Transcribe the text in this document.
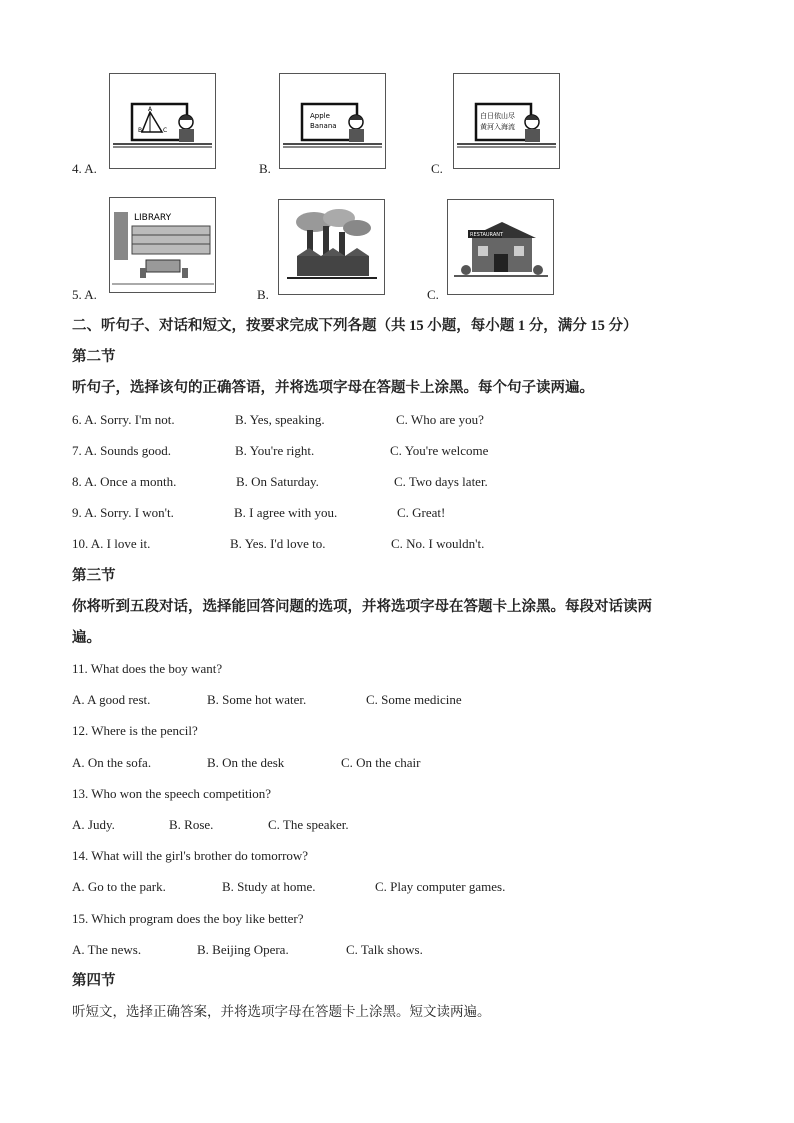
A
B	C
4. A.
Apple
Banana
B.
白日依山尽
黄河入海流
C.
LIBRARY
5. A.	B.
RESTAURANT
C.
二、听句子、对话和短文，按要求完成下列各题（共 15 小题，每小题 1 分，满分 15 分）
第二节
听句子，选择该句的正确答语，并将选项字母在答题卡上涂黑。每个句子读两遍。
6. A. Sorry. I'm not.	B. Yes, speaking.	C. Who are you?
7. A. Sounds good.	B. You're right.	C. You're welcome
8. A. Once a month.	B. On Saturday.	C. Two days later.
9. A. Sorry. I won't.	B. I agree with you.	C. Great!
10. A. I love it.	B. Yes. I'd love to.	C. No. I wouldn't.
第三节
你将听到五段对话，选择能回答问题的选项，并将选项字母在答题卡上涂黑。每段对话读两
遍。
11. What does the boy want?
A. A good rest.	B. Some hot water.	C. Some medicine
12. Where is the pencil?
A. On the sofa.	B. On the desk	C. On the chair
13. Who won the speech competition?
A. Judy.	B. Rose.	C. The speaker.
14. What will the girl's brother do tomorrow?
A. Go to the park.	B. Study at home.	C. Play computer games.
15. Which program does the boy like better?
A. The news.	B. Beijing Opera.	C. Talk shows.
第四节
听短文，选择正确答案，并将选项字母在答题卡上涂黑。短文读两遍。
